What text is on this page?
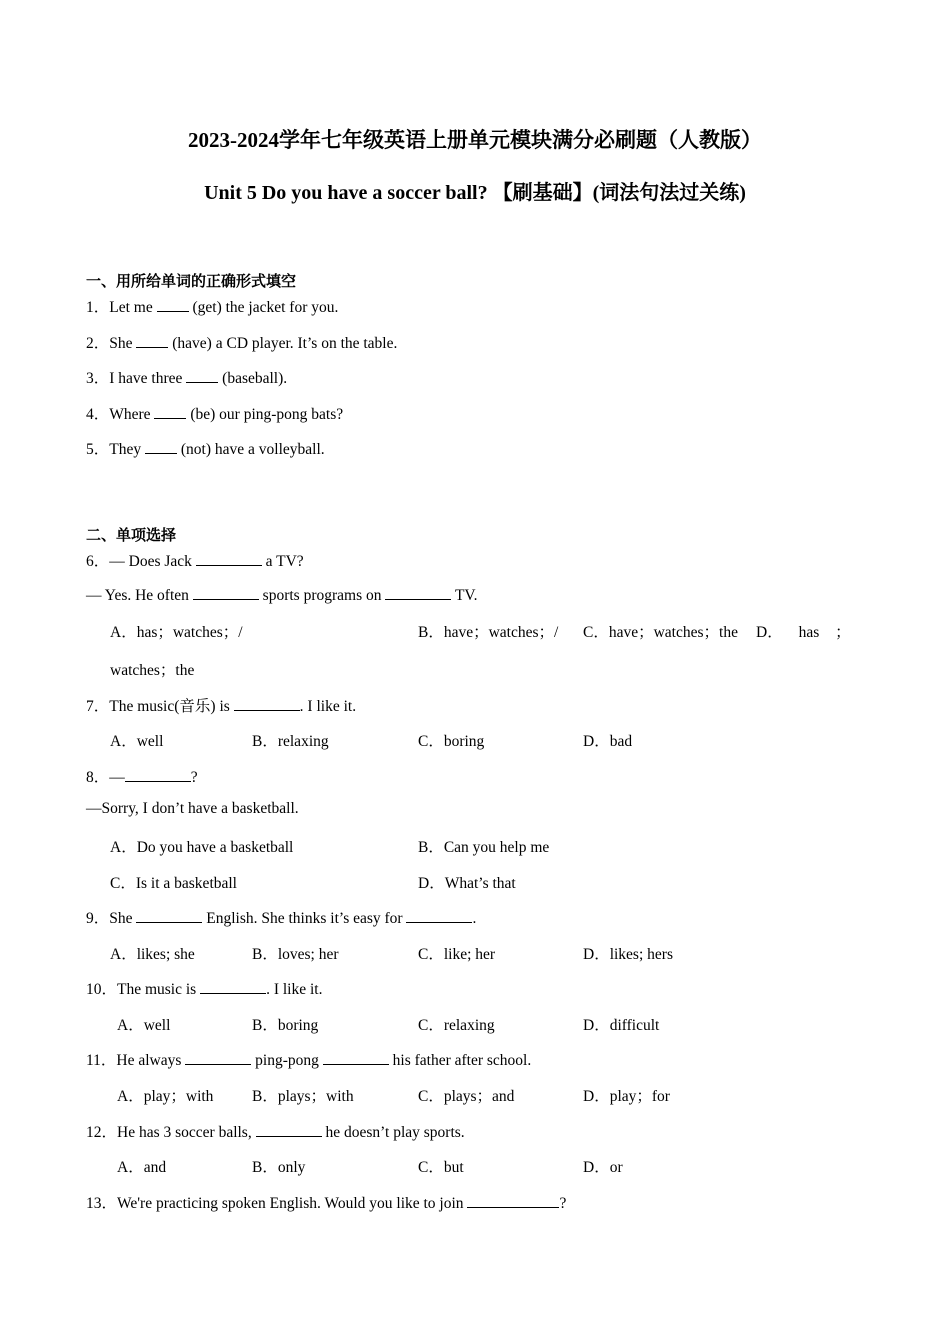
2023-2024学年七年级英语上册单元模块满分必刷题（人教版）
Unit 5 Do you have a soccer ball? 【刷基础】(词法句法过关练)
一、用所给单词的正确形式填空
1．Let me	(get) the jacket for you.
2．She	(have) a CD player. It’s on the table.
3．I have three	(baseball).
4．Where	(be) our ping-pong bats?
5．They	(not) have a volleyball.
二、单项选择
6．— Does Jack	a TV?
— Yes. He often	sports programs on	TV.
A．has；watches；/	B．have；watches；/ C．have；watches；the D． has ；
watches；the
7．The music(音乐) is	. I like it.
A．well	B．relaxing	C．boring	D．bad
8．—	?
—Sorry, I don’t have a basketball.
A．Do you have a basketball	B．Can you help me
C．Is it a basketball	D．What’s that
9．She	English. She thinks it’s easy for	.
A．likes; she	B．loves; her	C．like; her	D．likes; hers
10．The music is	. I like it.
A．well	B．boring	C．relaxing	D．difficult
11．He always	ping-pong	his father after school.
A．play；with B．plays；with	C．plays；and	D．play；for
12．He has 3 soccer balls,	he doesn’t play sports.
A．and	B．only	C．but	D．or
13．We're practicing spoken English. Would you like to join	?
